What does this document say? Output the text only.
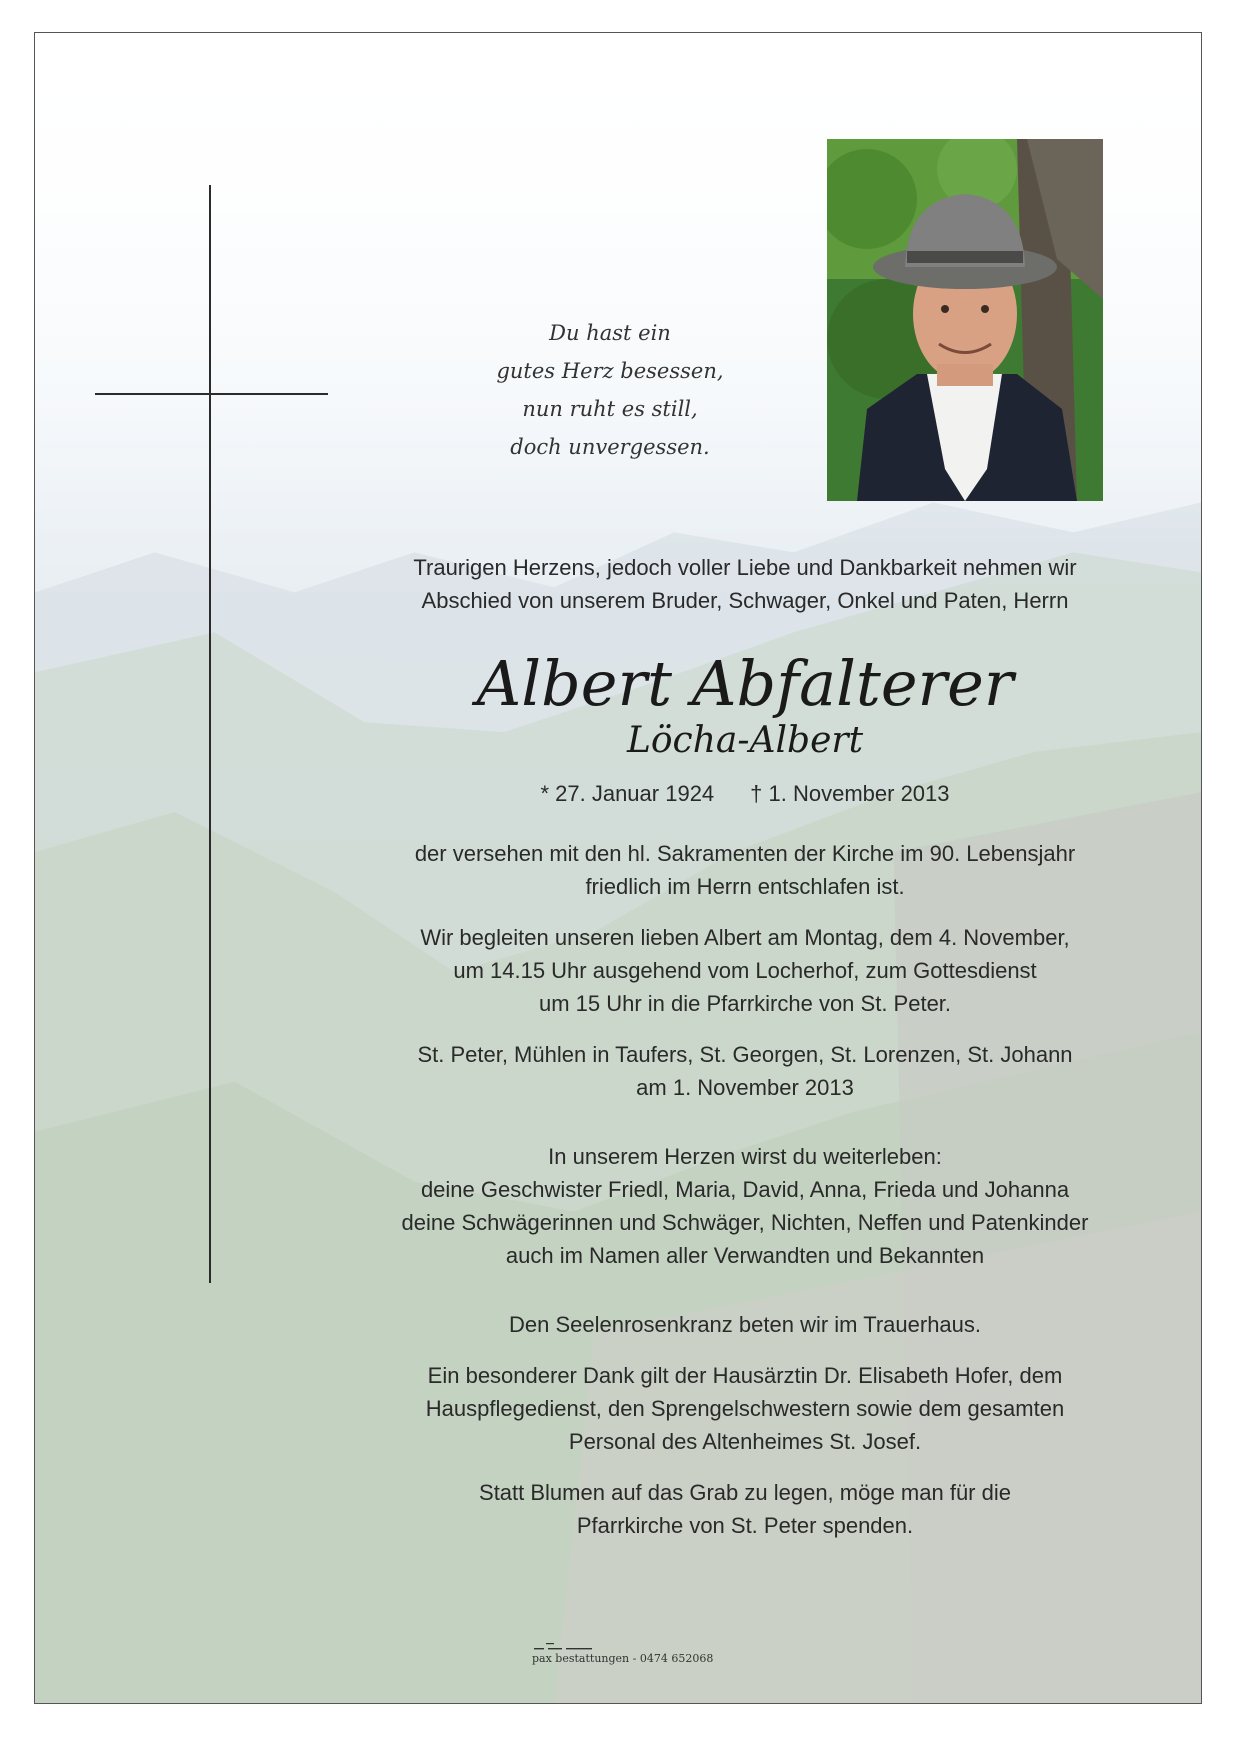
Du hast ein
gutes Herz besessen,
nun ruht es still,
doch unvergessen.

Traurigen Herzens, jedoch voller Liebe und Dankbarkeit nehmen wir
Abschied von unserem Bruder, Schwager, Onkel und Paten, Herrn

Albert Abfalterer

Löcha-Albert

* 27. Januar 1924 † 1. November 2013

der versehen mit den hl. Sakramenten der Kirche im 90. Lebensjahr
friedlich im Herrn entschlafen ist.

Wir begleiten unseren lieben Albert am Montag, dem 4. November,
um 14.15 Uhr ausgehend vom Locherhof, zum Gottesdienst
um 15 Uhr in die Pfarrkirche von St. Peter.

St. Peter, Mühlen in Taufers, St. Georgen, St. Lorenzen, St. Johann
am 1. November 2013

In unserem Herzen wirst du weiterleben:
deine Geschwister Friedl, Maria, David, Anna, Frieda und Johanna
deine Schwägerinnen und Schwäger, Nichten, Neffen und Patenkinder
auch im Namen aller Verwandten und Bekannten

Den Seelenrosenkranz beten wir im Trauerhaus.

Ein besonderer Dank gilt der Hausärztin Dr. Elisabeth Hofer, dem
Hauspflegedienst, den Sprengelschwestern sowie dem gesamten
Personal des Altenheimes St. Josef.

Statt Blumen auf das Grab zu legen, möge man für die
Pfarrkirche von St. Peter spenden.

pax bestattungen - 0474 652068
